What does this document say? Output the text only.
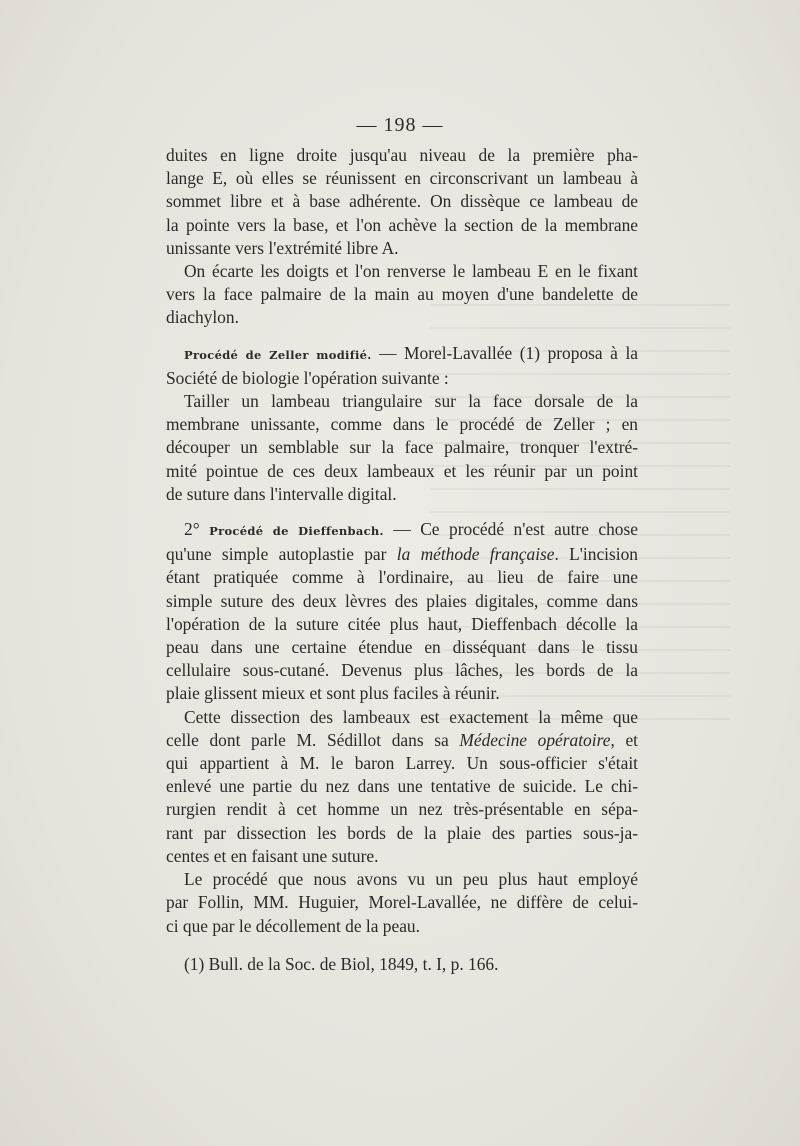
— 198 —
duites en ligne droite jusqu'au niveau de la première pha-
lange E, où elles se réunissent en circonscrivant un lambeau à
sommet libre et à base adhérente. On dissèque ce lambeau de
la pointe vers la base, et l'on achève la section de la membrane
unissante vers l'extrémité libre A.
On écarte les doigts et l'on renverse le lambeau E en le fixant
vers la face palmaire de la main au moyen d'une bandelette de
diachylon.
Procédé de Zeller modifié. — Morel-Lavallée (1) proposa à la
Société de biologie l'opération suivante :
Tailler un lambeau triangulaire sur la face dorsale de la
membrane unissante, comme dans le procédé de Zeller ; en
découper un semblable sur la face palmaire, tronquer l'extré-
mité pointue de ces deux lambeaux et les réunir par un point
de suture dans l'intervalle digital.
2° Procédé de Dieffenbach. — Ce procédé n'est autre chose
qu'une simple autoplastie par la méthode française. L'incision
étant pratiquée comme à l'ordinaire, au lieu de faire une
simple suture des deux lèvres des plaies digitales, comme dans
l'opération de la suture citée plus haut, Dieffenbach décolle la
peau dans une certaine étendue en disséquant dans le tissu
cellulaire sous-cutané. Devenus plus lâches, les bords de la
plaie glissent mieux et sont plus faciles à réunir.
Cette dissection des lambeaux est exactement la même que
celle dont parle M. Sédillot dans sa Médecine opératoire, et
qui appartient à M. le baron Larrey. Un sous-officier s'était
enlevé une partie du nez dans une tentative de suicide. Le chi-
rurgien rendit à cet homme un nez très-présentable en sépa-
rant par dissection les bords de la plaie des parties sous-ja-
centes et en faisant une suture.
Le procédé que nous avons vu un peu plus haut employé
par Follin, MM. Huguier, Morel-Lavallée, ne diffère de celui-
ci que par le décollement de la peau.
(1) Bull. de la Soc. de Biol, 1849, t. I, p. 166.
